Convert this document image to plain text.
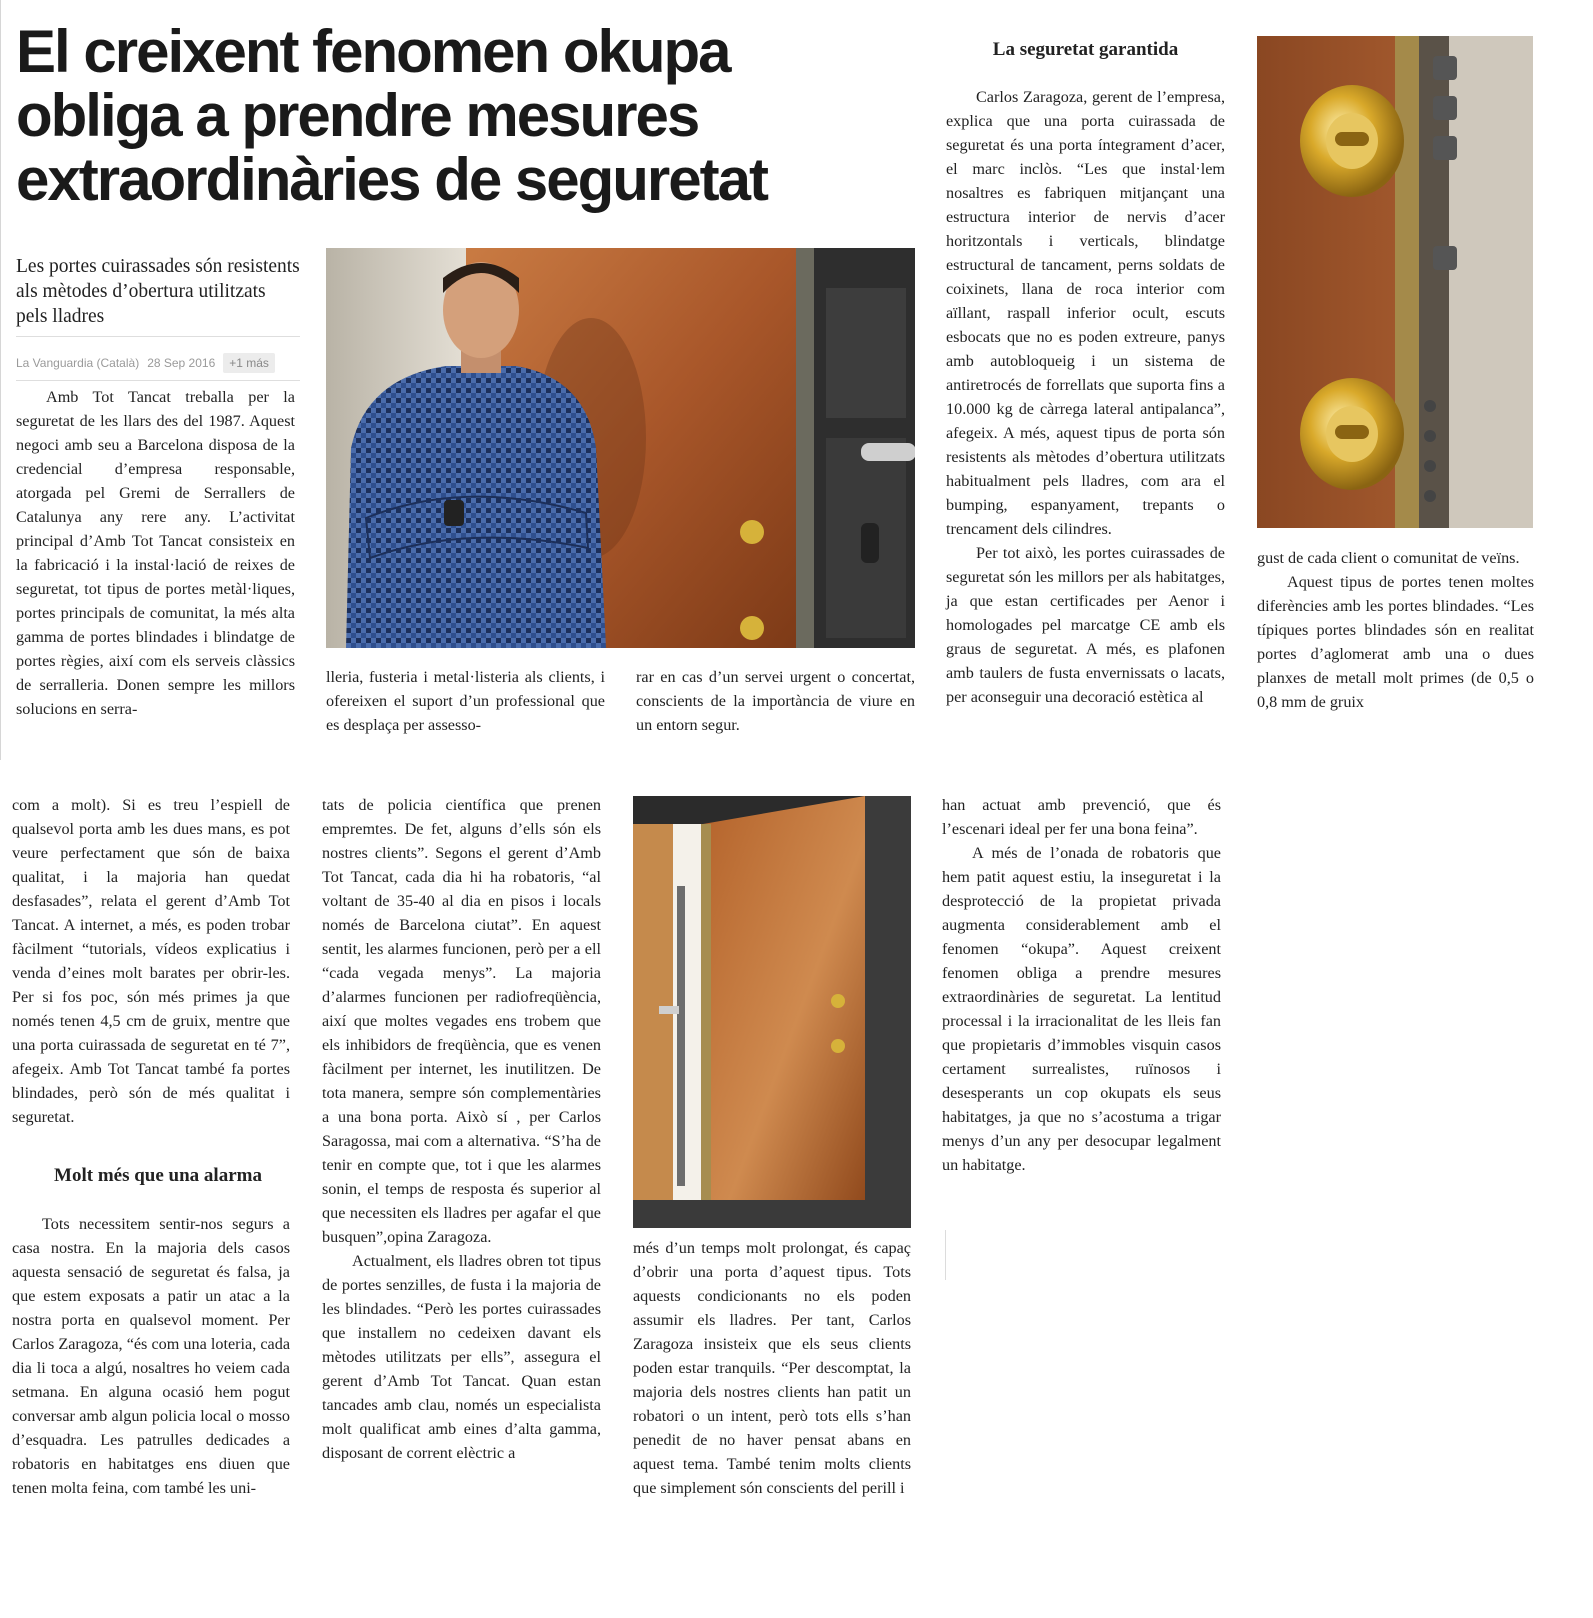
El creixent fenomen okupa obliga a prendre mesures extraordinàries de seguretat

Les portes cuirassades són resistents als mètodes d’obertura utilitzats pels lladres

La Vanguardia (Català) 28 Sep 2016	+1 más
Amb Tot Tancat treballa per la seguretat de les llars des del 1987. Aquest negoci amb seu a Barcelona disposa de la credencial d’empresa responsable, atorgada pel Gremi de Serrallers de Catalunya any rere any. L’activitat principal d’Amb Tot Tancat consisteix en la fabricació i la instal·lació de reixes de seguretat, tot tipus de portes metàl·liques, portes principals de comunitat, la més alta gamma de portes blindades i blindatge de portes règies, així com els serveis clàssics de serralleria. Donen sempre les millors solucions en serra-
lleria, fusteria i metal·listeria als clients, i ofereixen el suport d’un professional que es desplaça per assesso-
rar en cas d’un servei urgent o concertat, conscients de la importància de viure en un entorn segur.
La seguretat garantida
Carlos Zaragoza, gerent de l’empresa, explica que una porta cuirassada de seguretat és una porta íntegrament d’acer, el marc inclòs. “Les que instal·lem nosaltres es fabriquen mitjançant una estructura interior de nervis d’acer horitzontals i verticals, blindatge estructural de tancament, perns soldats de coixinets, llana de roca interior com aïllant, raspall inferior ocult, escuts esbocats que no es poden extreure, panys amb autobloqueig i un sistema de antiretrocés de forrellats que suporta fins a 10.000 kg de càrrega lateral antipalanca”, afegeix. A més, aquest tipus de porta són resistents als mètodes d’obertura utilitzats habitualment pels lladres, com ara el bumping, espanyament, trepants o trencament dels cilindres.
Per tot això, les portes cuirassades de seguretat són les millors per als habitatges, ja que estan certificades per Aenor i homologades pel marcatge CE amb els graus de seguretat. A més, es plafonen amb taulers de fusta envernissats o lacats, per aconseguir una decoració estètica al
gust de cada client o comunitat de veïns.
Aquest tipus de portes tenen moltes diferències amb les portes blindades. “Les típiques portes blindades són en realitat portes d’aglomerat amb una o dues planxes de metall molt primes (de 0,5 o 0,8 mm de gruix
com a molt). Si es treu l’espiell de qualsevol porta amb les dues mans, es pot veure perfectament que són de baixa qualitat, i la majoria han quedat desfasades”, relata el gerent d’Amb Tot Tancat. A internet, a més, es poden trobar fàcilment “tutorials, vídeos explicatius i venda d’eines molt barates per obrir-les. Per si fos poc, són més primes ja que només tenen 4,5 cm de gruix, mentre que una porta cuirassada de seguretat en té 7”, afegeix. Amb Tot Tancat també fa portes blindades, però són de més qualitat i seguretat.
Molt més que una alarma
Tots necessitem sentir-nos segurs a casa nostra. En la majoria dels casos aquesta sensació de seguretat és falsa, ja que estem exposats a patir un atac a la nostra porta en qualsevol moment. Per Carlos Zaragoza, “és com una loteria, cada dia li toca a algú, nosaltres ho veiem cada setmana. En alguna ocasió hem pogut conversar amb algun policia local o mosso d’esquadra. Les patrulles dedicades a robatoris en habitatges ens diuen que tenen molta feina, com també les uni-
tats de policia científica que prenen empremtes. De fet, alguns d’ells són els nostres clients”. Segons el gerent d’Amb Tot Tancat, cada dia hi ha robatoris, “al voltant de 35-40 al dia en pisos i locals només de Barcelona ciutat”. En aquest sentit, les alarmes funcionen, però per a ell “cada vegada menys”. La majoria d’alarmes funcionen per radiofreqüència, així que moltes vegades ens trobem que els inhibidors de freqüència, que es venen fàcilment per internet, les inutilitzen. De tota manera, sempre són complementàries a una bona porta. Això sí , per Carlos Saragossa, mai com a alternativa. “S’ha de tenir en compte que, tot i que les alarmes sonin, el temps de resposta és superior al que necessiten els lladres per agafar el que busquen”,opina Zaragoza.
Actualment, els lladres obren tot tipus de portes senzilles, de fusta i la majoria de les blindades. “Però les portes cuirassades que installem no cedeixen davant els mètodes utilitzats per ells”, assegura el gerent d’Amb Tot Tancat. Quan estan tancades amb clau, només un especialista molt qualificat amb eines d’alta gamma, disposant de corrent elèctric a
més d’un temps molt prolongat, és capaç d’obrir una porta d’aquest tipus. Tots aquests condicionants no els poden assumir els lladres. Per tant, Carlos Zaragoza insisteix que els seus clients poden estar tranquils. “Per descomptat, la majoria dels nostres clients han patit un robatori o un intent, però tots ells s’han penedit de no haver pensat abans en aquest tema. També tenim molts clients que simplement són conscients del perill i
han actuat amb prevenció, que és l’escenari ideal per fer una bona feina”.
A més de l’onada de robatoris que hem patit aquest estiu, la inseguretat i la desprotecció de la propietat privada augmenta considerablement amb el fenomen “okupa”. Aquest creixent fenomen obliga a prendre mesures extraordinàries de seguretat. La lentitud processal i la irracionalitat de les lleis fan que propietaris d’immobles visquin casos certament surrealistes, ruïnosos i desesperants un cop okupats els seus habitatges, ja que no s’acostuma a trigar menys d’un any per desocupar legalment un habitatge.
